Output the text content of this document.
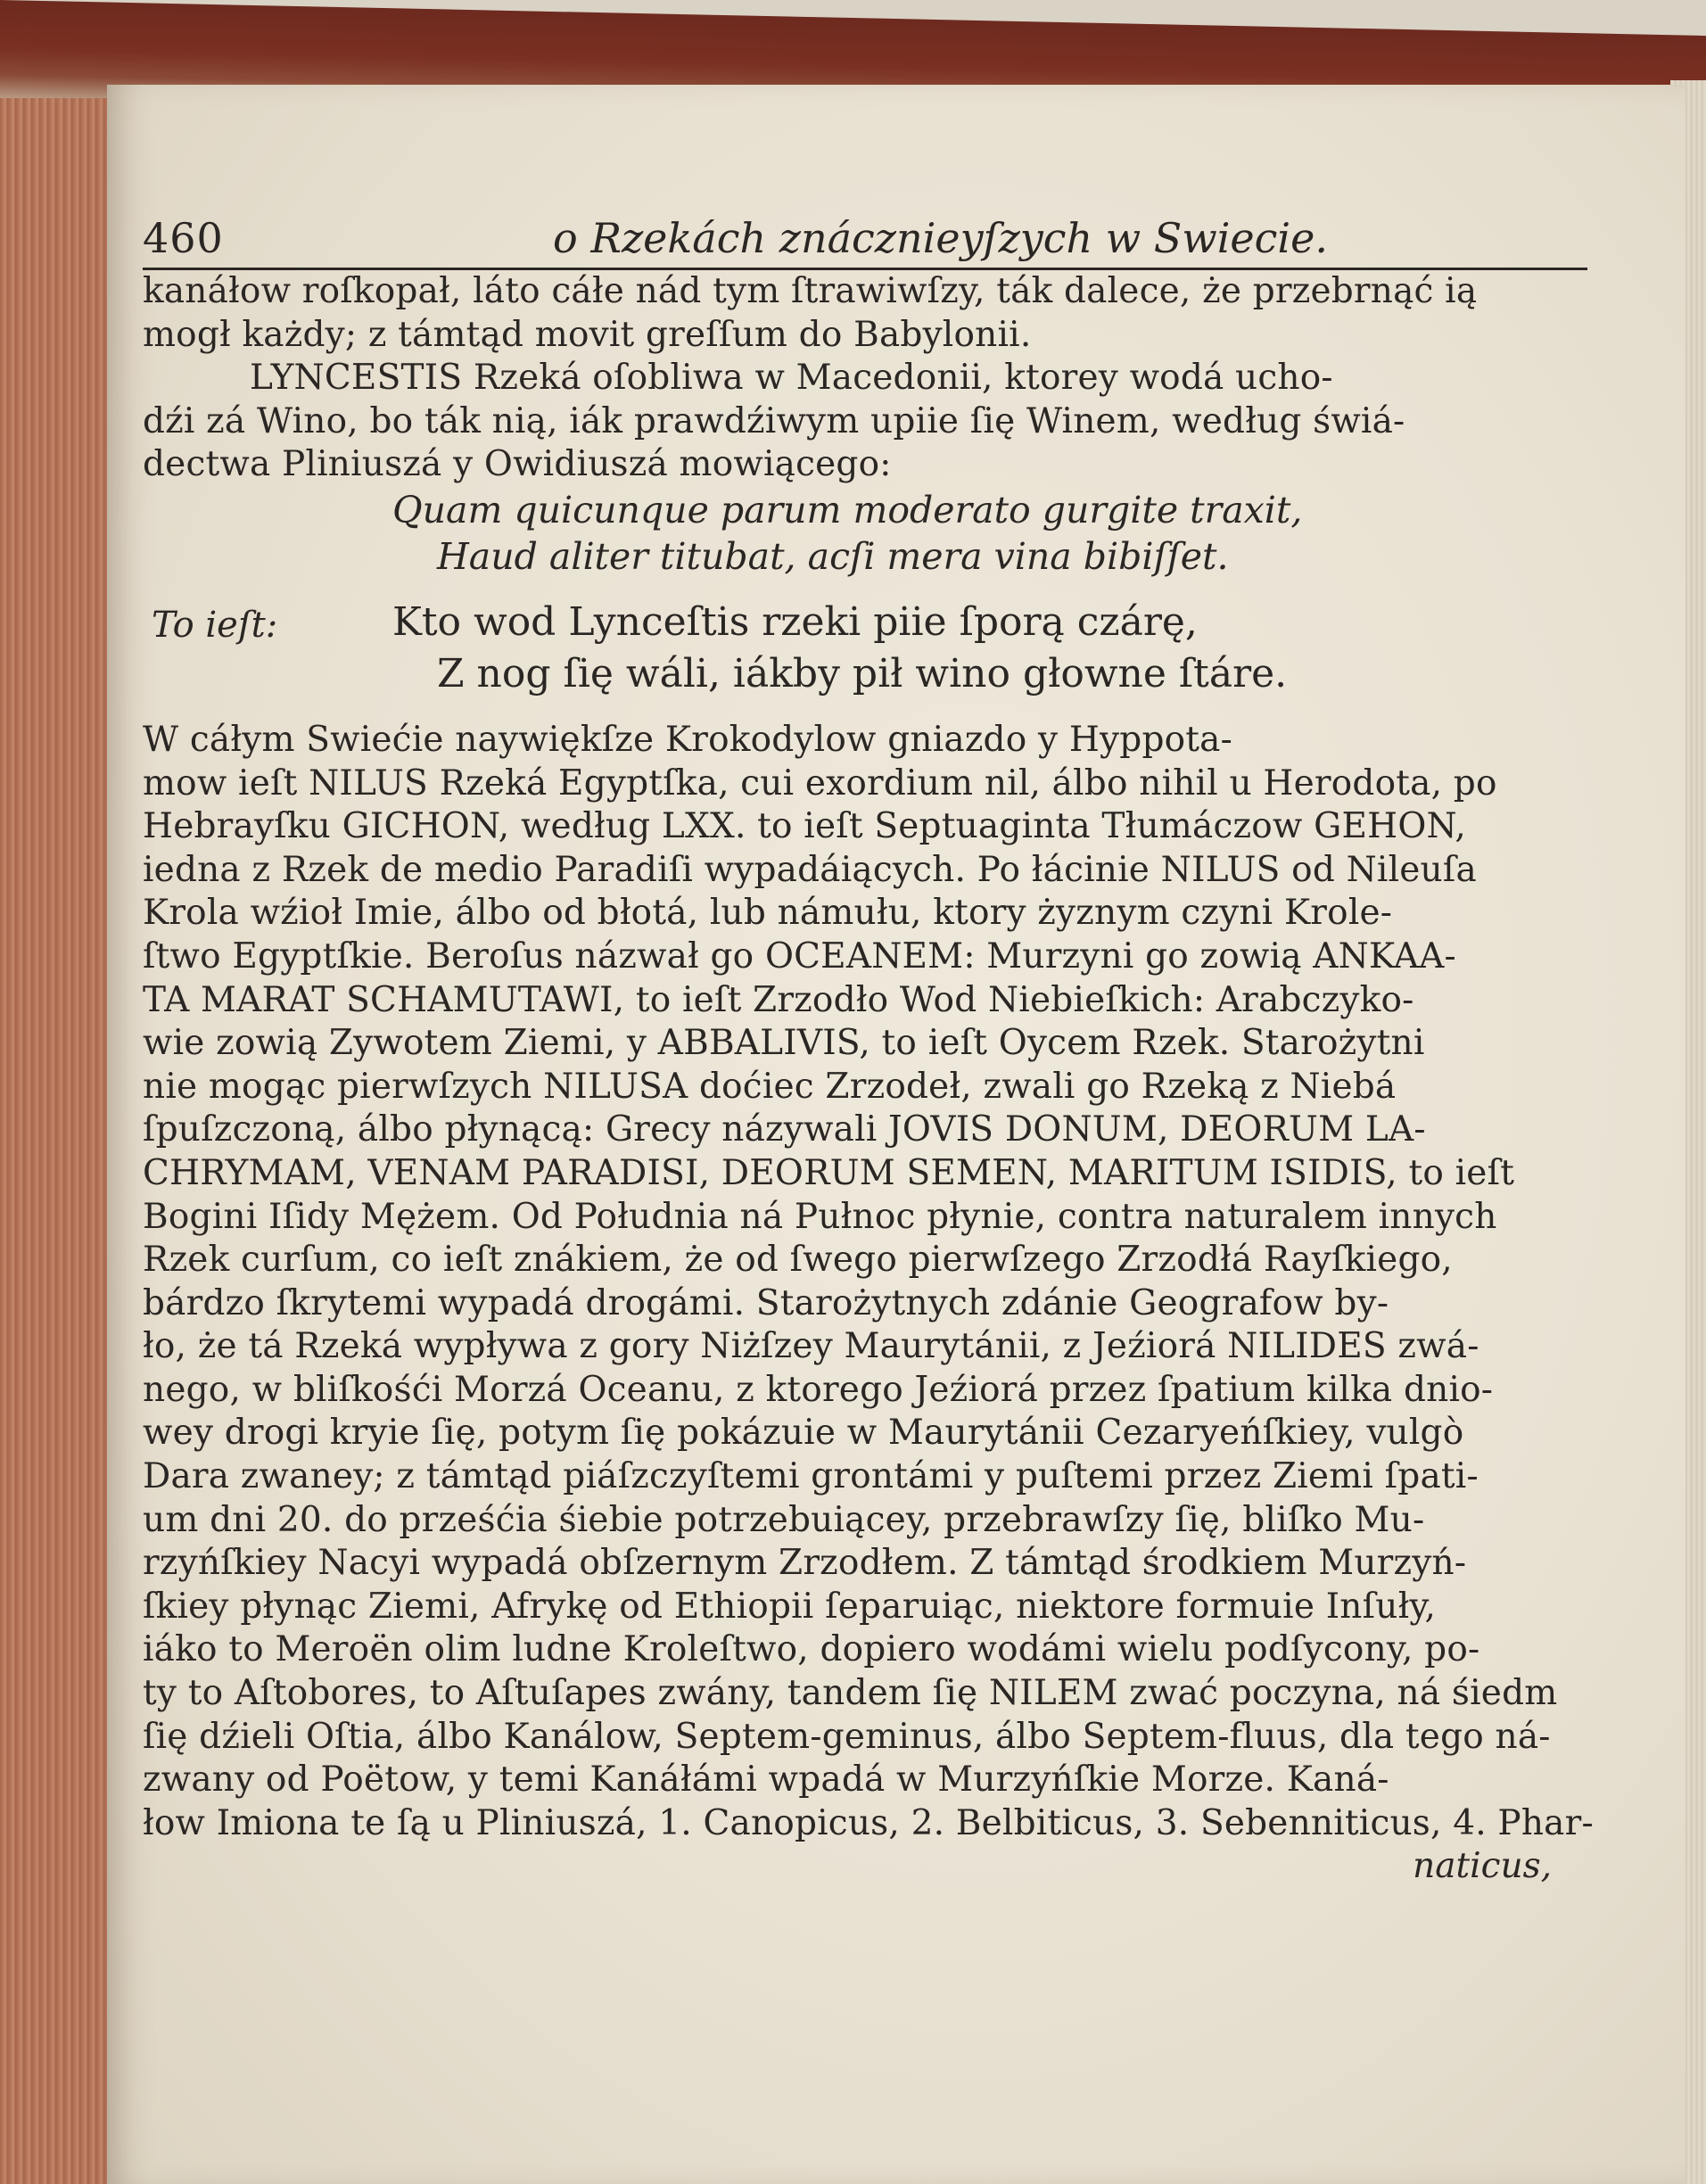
460	o Rzekách znácznieyſzych w Swiecie.

kanáłow roſkopał, láto cáłe nád tym ſtrawiwſzy, ták dalece, że przebrnąć ią

mogł każdy; z támtąd movit greſſum do Babylonii.

LYNCESTIS Rzeká oſobliwa w Macedonii, ktorey wodá ucho-

dźi zá Wino, bo ták nią, iák prawdźiwym upiie ſię Winem, według świá-

dectwa Pliniuszá y Owidiuszá mowiącego:

Quam quicunque parum moderato gurgite traxit,

Haud aliter titubat, acſi mera vina bibiſſet.

To ieſt:	Kto wod Lynceſtis rzeki piie ſporą czárę,
Z nog ſię wáli, iákby pił wino głowne ſtáre.

W cáłym Swiećie naywiękſze Krokodylow gniazdo y Hyppota-

mow ieſt NILUS Rzeká Egyptſka, cui exordium nil, álbo nihil u Herodota, po

Hebrayſku GICHON, według LXX. to ieſt Septuaginta Tłumáczow GEHON,

iedna z Rzek de medio Paradiſi wypadáiących. Po łácinie NILUS od Nileuſa

Krola wźioł Imie, álbo od błotá, lub námułu, ktory żyznym czyni Krole-

ſtwo Egyptſkie. Beroſus názwał go OCEANEM: Murzyni go zowią ANKAA-

TA MARAT SCHAMUTAWI, to ieſt Zrzodło Wod Niebieſkich: Arabczyko-

wie zowią Zywotem Ziemi, y ABBALIVIS, to ieſt Oycem Rzek. Starożytni

nie mogąc pierwſzych NILUSA doćiec Zrzodeł, zwali go Rzeką z Niebá

ſpuſzczoną, álbo płynącą: Grecy názywali JOVIS DONUM, DEORUM LA-

CHRYMAM, VENAM PARADISI, DEORUM SEMEN, MARITUM ISIDIS, to ieſt

Bogini Iſidy Mężem. Od Południa ná Pułnoc płynie, contra naturalem innych

Rzek curſum, co ieſt znákiem, że od ſwego pierwſzego Zrzodłá Rayſkiego,

bárdzo ſkrytemi wypadá drogámi. Starożytnych zdánie Geografow by-

ło, że tá Rzeká wypływa z gory Niżſzey Maurytánii, z Jeźiorá NILIDES zwá-

nego, w bliſkośći Morzá Oceanu, z ktorego Jeźiorá przez ſpatium kilka dnio-

wey drogi kryie ſię, potym ſię pokázuie w Maurytánii Cezaryeńſkiey, vulgò

Dara zwaney; z támtąd piáſzczyſtemi grontámi y puſtemi przez Ziemi ſpati-

um dni 20. do prześćia śiebie potrzebuiącey, przebrawſzy ſię, bliſko Mu-

rzyńſkiey Nacyi wypadá obſzernym Zrzodłem. Z támtąd środkiem Murzyń-

ſkiey płynąc Ziemi, Afrykę od Ethiopii ſeparuiąc, niektore formuie Inſuły,

iáko to Meroën olim ludne Kroleſtwo, dopiero wodámi wielu podſycony, po-

ty to Aſtobores, to Aſtuſapes zwány, tandem ſię NILEM zwać poczyna, ná śiedm

ſię dźieli Oſtia, álbo Kanálow, Septem-geminus, álbo Septem-fluus, dla tego ná-

zwany od Poëtow, y temi Kanáłámi wpadá w Murzyńſkie Morze. Kaná-

łow Imiona te ſą u Pliniuszá, 1. Canopicus, 2. Belbiticus, 3. Sebenniticus, 4. Phar-

naticus,
